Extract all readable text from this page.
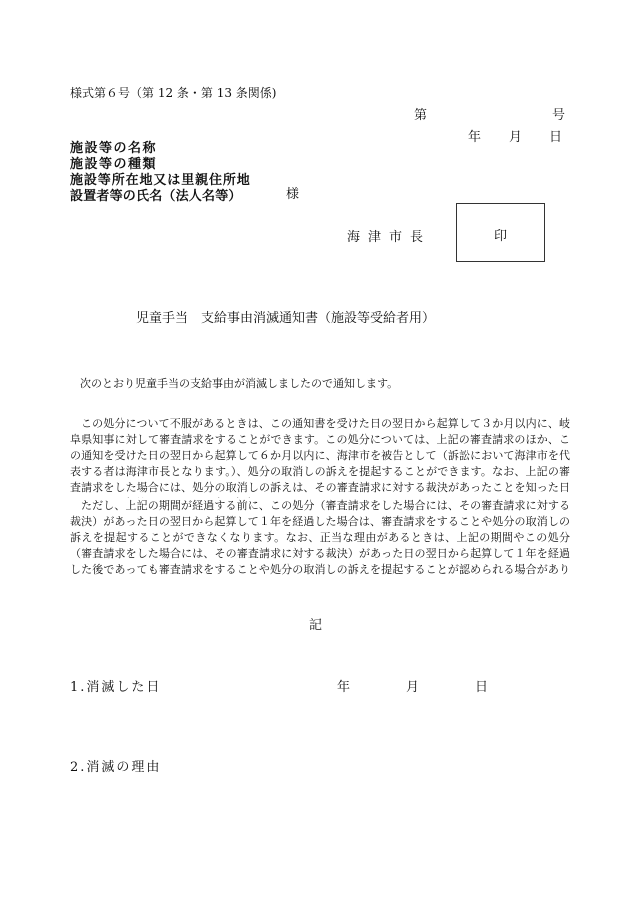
様式第６号（第 12 条・第 13 条関係)
第	号
年 月 日
施設等の名称
施設等の種類
施設等所在地又は里親住所地
設置者等の氏名（法人名等）	様
海津市長	印
児童手当　支給事由消滅通知書（施設等受給者用）
次のとおり児童手当の支給事由が消滅しましたので通知します。
この処分について不服があるときは、この通知書を受けた日の翌日から起算して３か月以内に、岐阜県知事に対して審査請求をすることができます。この処分については、上記の審査請求のほか、この通知を受けた日の翌日から起算して６か月以内に、海津市を被告として（訴訟において海津市を代表する者は海津市長となります。）、処分の取消しの訴えを提起することができます。なお、上記の審査請求をした場合には、処分の取消しの訴えは、その審査請求に対する裁決があったことを知った日
ただし、上記の期間が経過する前に、この処分（審査請求をした場合には、その審査請求に対する裁決）があった日の翌日から起算して１年を経過した場合は、審査請求をすることや処分の取消しの訴えを提起することができなくなります。なお、正当な理由があるときは、上記の期間やこの処分（審査請求をした場合には、その審査請求に対する裁決）があった日の翌日から起算して１年を経過した後であっても審査請求をすることや処分の取消しの訴えを提起することが認められる場合があり
記
1.消滅した日	年	月	日
2.消滅の理由
